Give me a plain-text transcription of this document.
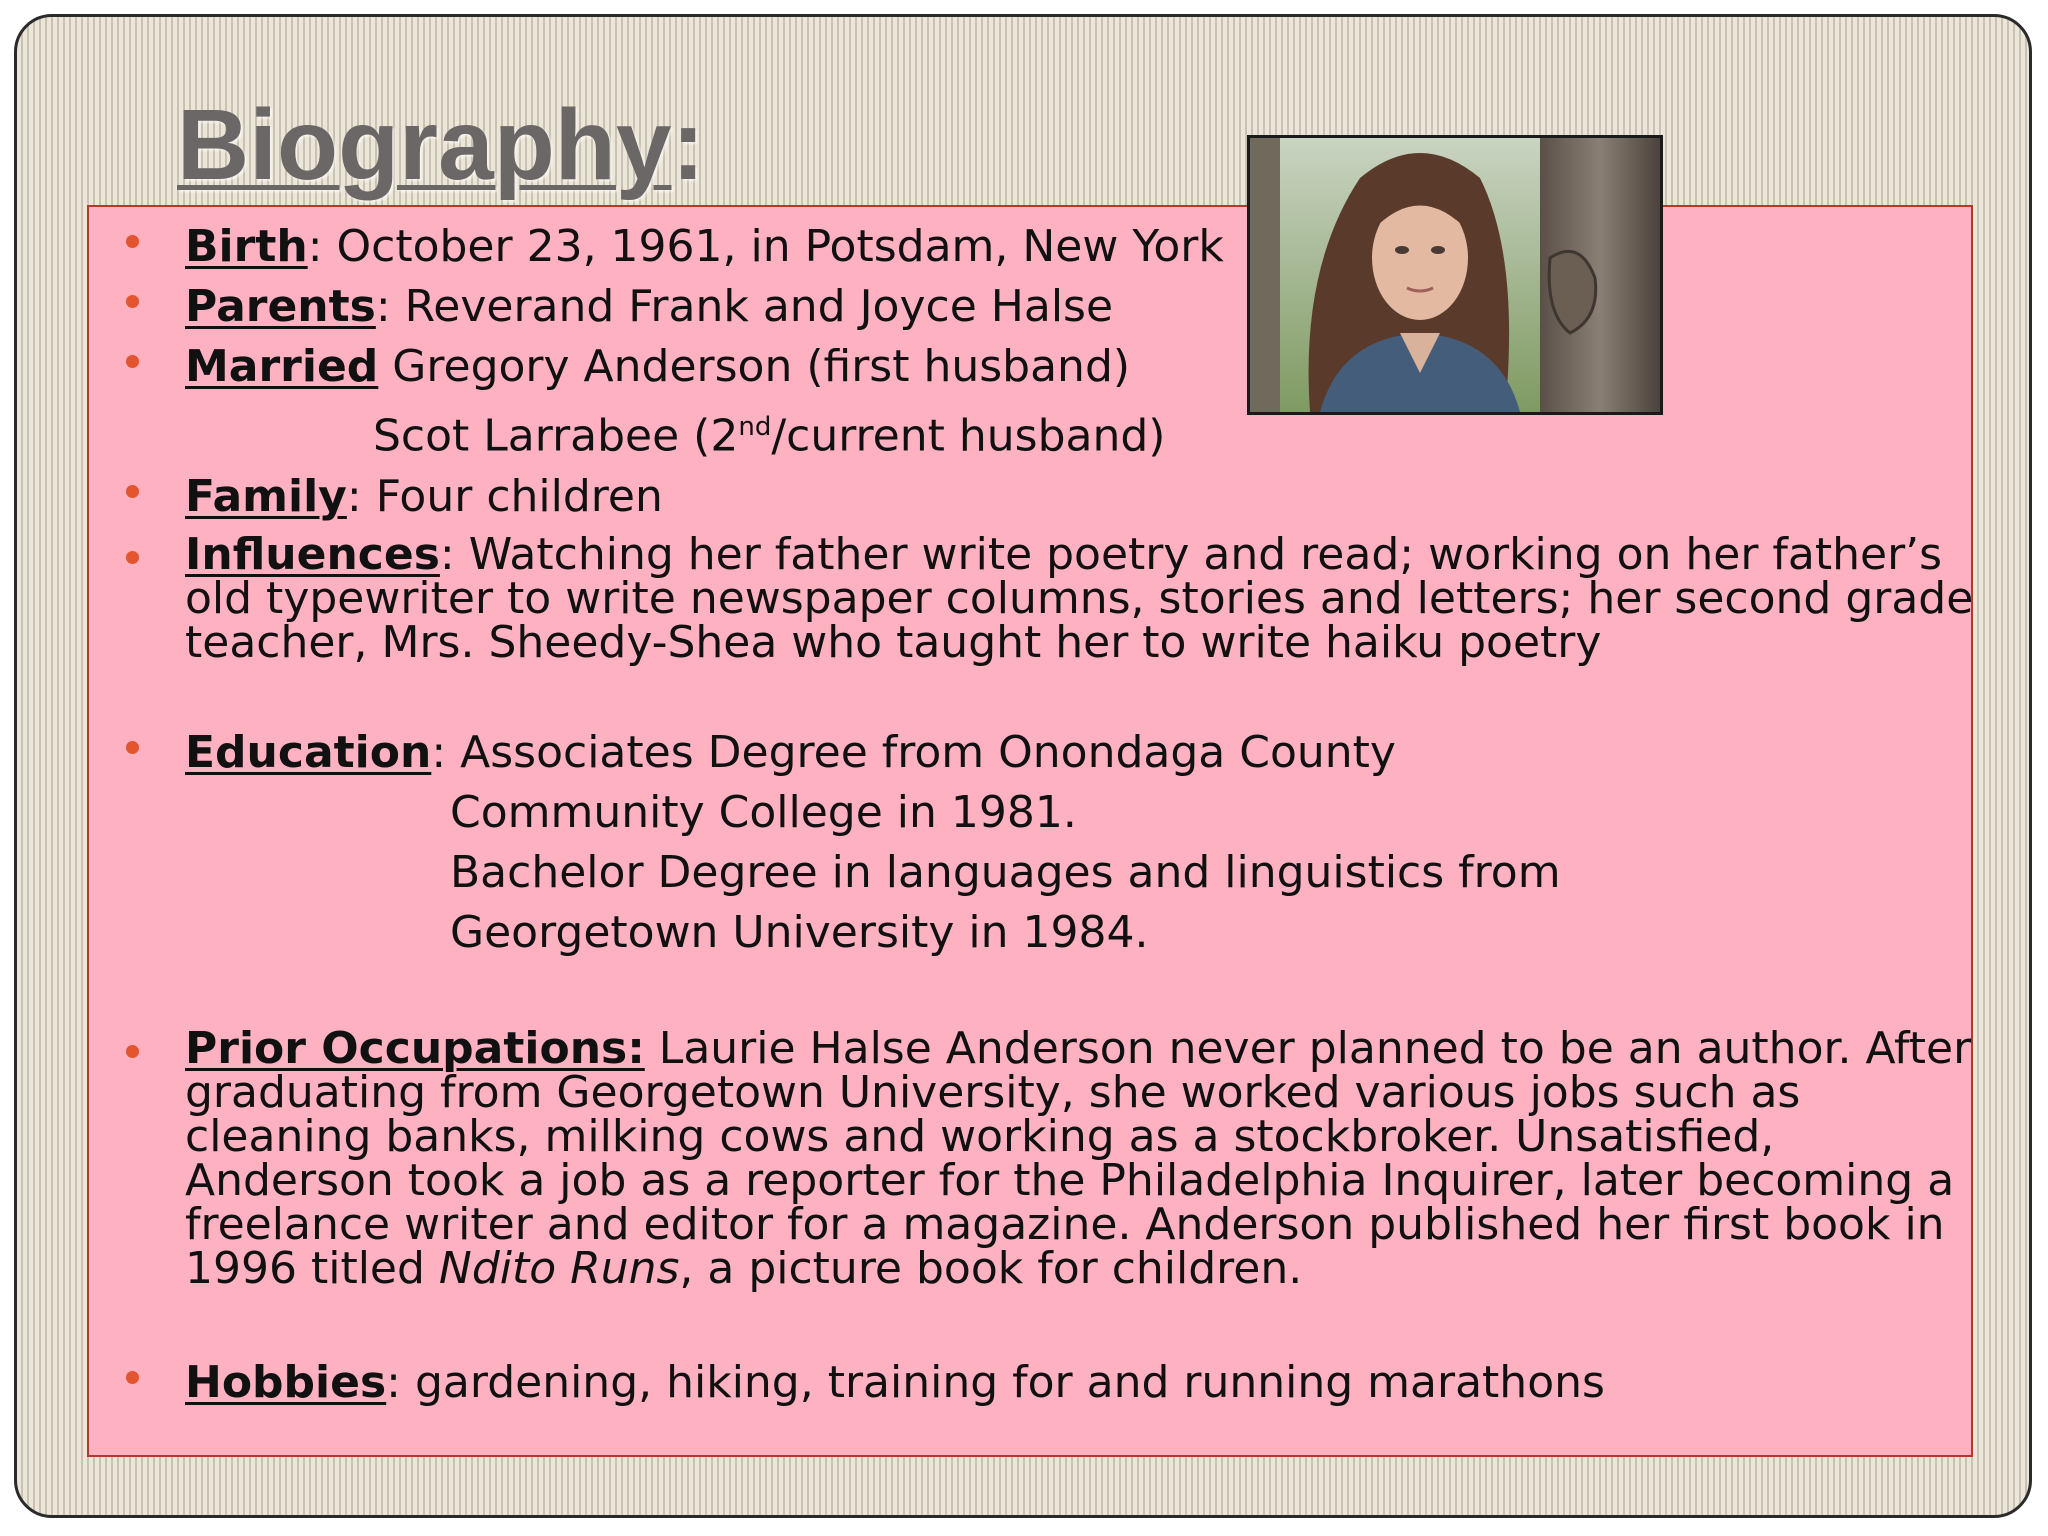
Biography:
Birth: October 23, 1961, in Potsdam, New York
Parents: Reverand Frank and Joyce Halse
Married Gregory Anderson (first husband)
Scot Larrabee (2nd/current husband)
Family: Four children
Influences: Watching her father write poetry and read; working on her father’s old typewriter to write newspaper columns, stories and letters; her second grade teacher, Mrs. Sheedy-Shea who taught her to write haiku poetry
Education: Associates Degree from Onondaga County
Community College in 1981.
Bachelor Degree in languages and linguistics from
Georgetown University in 1984.
Prior Occupations: Laurie Halse Anderson never planned to be an author. After graduating from Georgetown University, she worked various jobs such as cleaning banks, milking cows and working as a stockbroker. Unsatisfied, Anderson took a job as a reporter for the Philadelphia Inquirer, later becoming a freelance writer and editor for a magazine. Anderson published her first book in 1996 titled Ndito Runs, a picture book for children.
Hobbies: gardening, hiking, training for and running marathons
